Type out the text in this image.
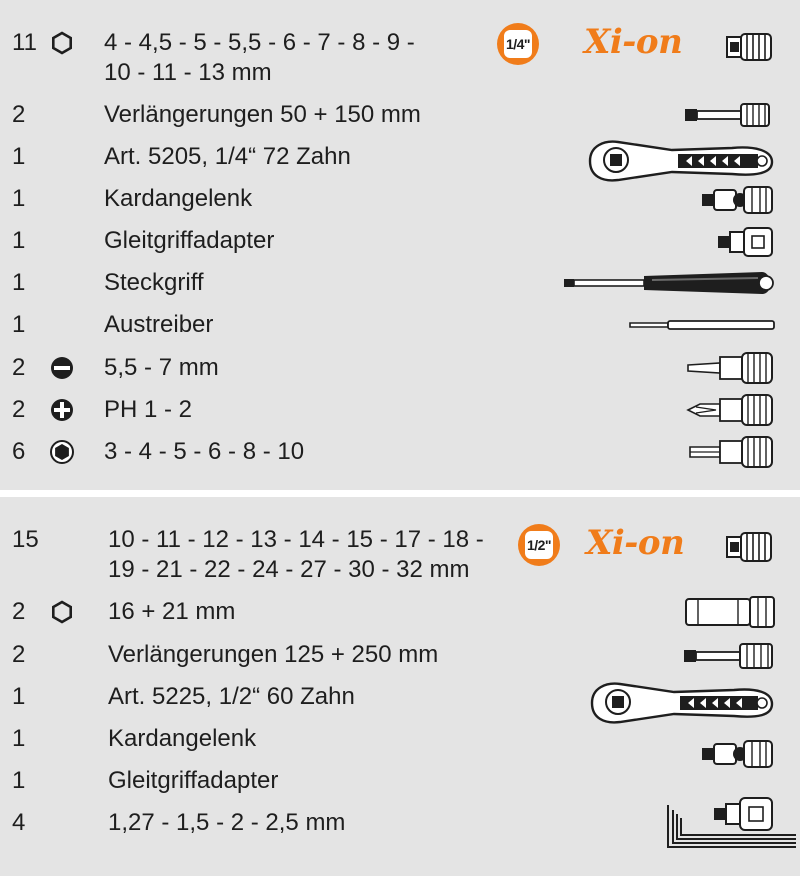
1/4" Xi-on
11	4 - 4,5 - 5 - 5,5 - 6 - 7 - 8 - 9 -
10 - 11 - 13 mm
2	Verlängerungen 50 + 150 mm
1	Art. 5205, 1/4“ 72 Zahn
1	Kardangelenk
1	Gleitgriffadapter
1	Steckgriff
1	Austreiber
2	5,5 - 7 mm
2	PH 1 - 2
6	3 - 4 - 5 - 6 - 8 - 10
1/2" Xi-on
15	10 - 11 - 12 - 13 - 14 - 15 - 17 - 18 -
19 - 21 - 22 - 24 - 27 - 30 - 32 mm
2	16 + 21 mm
2	Verlängerungen 125 + 250 mm
1	Art. 5225, 1/2“ 60 Zahn
1	Kardangelenk
1	Gleitgriffadapter
4	1,27 - 1,5 - 2 - 2,5 mm
